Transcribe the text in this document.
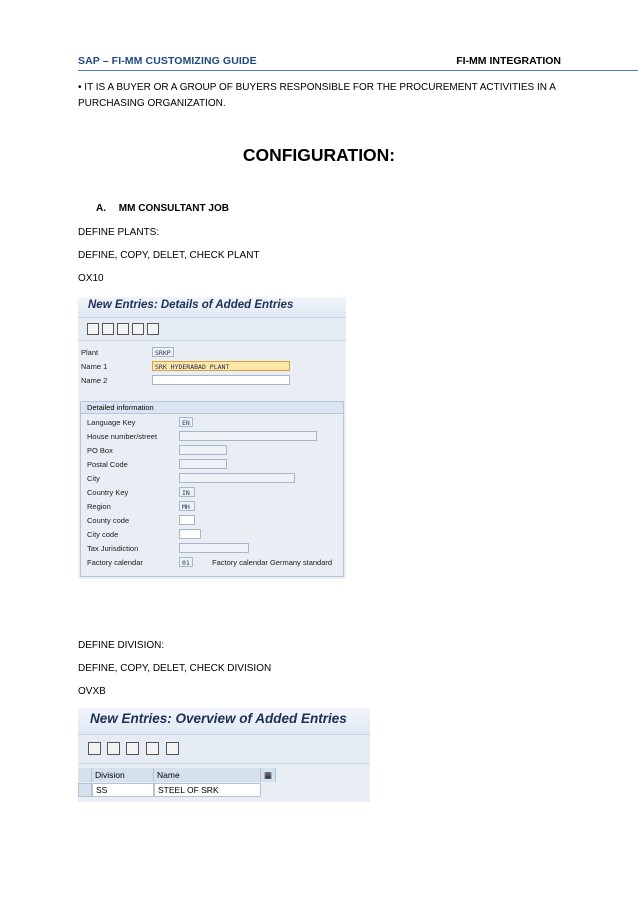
SAP – FI-MM CUSTOMIZING GUIDE	FI-MM INTEGRATION
• IT IS A BUYER OR A GROUP OF BUYERS RESPONSIBLE FOR THE PROCUREMENT ACTIVITIES IN A PURCHASING ORGANIZATION.
CONFIGURATION:
A. MM CONSULTANT JOB
DEFINE PLANTS:
DEFINE, COPY, DELET, CHECK PLANT
OX10
New Entries: Details of Added Entries
Plant	SRKP
Name 1	SRK HYDERABAD PLANT
Name 2
Detailed information
Language Key	EN
House number/street
PO Box
Postal Code
City
Country Key	IN
Region	MH
County code
City code
Tax Jurisdiction
Factory calendar	01	Factory calendar Germany standard
DEFINE DIVISION:
DEFINE, COPY, DELET, CHECK DIVISION
OVXB
New Entries: Overview of Added Entries
Division	Name	▦
SS	STEEL OF SRK
